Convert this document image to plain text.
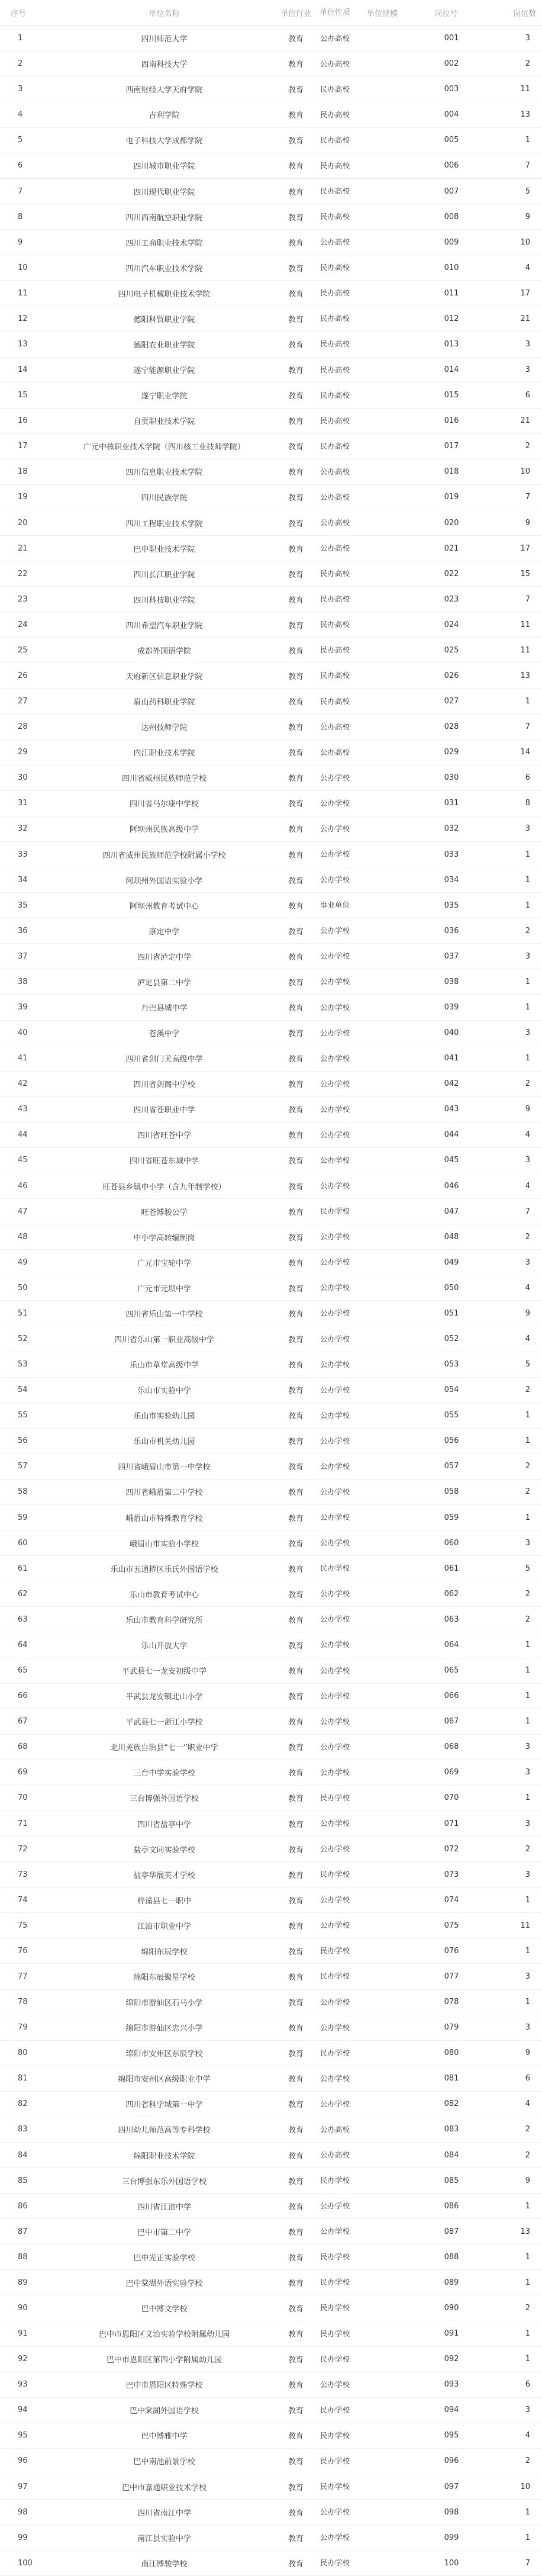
序号	单位名称	单位行业	单位性质	单位规模	岗位号	岗位数
1	四川师范大学	教育	公办高校		001	3
2	西南科技大学	教育	公办高校		002	2
3	西南财经大学天府学院	教育	民办高校		003	11
4	吉利学院	教育	民办高校		004	13
5	电子科技大学成都学院	教育	民办高校		005	1
6	四川城市职业学院	教育	民办高校		006	7
7	四川现代职业学院	教育	民办高校		007	5
8	四川西南航空职业学院	教育	民办高校		008	9
9	四川工商职业技术学院	教育	公办高校		009	10
10	四川汽车职业技术学院	教育	民办高校		010	4
11	四川电子机械职业技术学院	教育	民办高校		011	17
12	德阳科贸职业学院	教育	民办高校		012	21
13	德阳农业职业学院	教育	民办高校		013	3
14	遂宁能源职业学院	教育	民办高校		014	3
15	遂宁职业学院	教育	民办高校		015	6
16	自贡职业技术学院	教育	民办高校		016	21
17	广元中核职业技术学院（四川核工业技师学院）	教育	民办高校		017	2
18	四川信息职业技术学院	教育	公办高校		018	10
19	四川民族学院	教育	公办高校		019	7
20	四川工程职业技术学院	教育	公办高校		020	9
21	巴中职业技术学院	教育	公办高校		021	17
22	四川长江职业学院	教育	民办高校		022	15
23	四川科技职业学院	教育	民办高校		023	7
24	四川希望汽车职业学院	教育	民办高校		024	11
25	成都外国语学院	教育	民办高校		025	11
26	天府新区信息职业学院	教育	民办高校		026	13
27	眉山药科职业学院	教育	民办高校		027	1
28	达州技师学院	教育	公办高校		028	7
29	内江职业技术学院	教育	公办高校		029	14
30	四川省威州民族师范学校	教育	公办学校		030	6
31	四川省马尔康中学校	教育	公办学校		031	8
32	阿坝州民族高级中学	教育	公办学校		032	3
33	四川省威州民族师范学校附属小学校	教育	公办学校		033	1
34	阿坝州外国语实验小学	教育	公办学校		034	1
35	阿坝州教育考试中心	教育	事业单位		035	1
36	康定中学	教育	公办学校		036	2
37	四川省泸定中学	教育	公办学校		037	3
38	泸定县第二中学	教育	公办学校		038	1
39	丹巴县城中学	教育	公办学校		039	1
40	苍溪中学	教育	公办学校		040	3
41	四川省剑门关高级中学	教育	公办学校		041	1
42	四川省剑阁中学校	教育	公办学校		042	2
43	四川省苍职业中学	教育	公办学校		043	9
44	四川省旺苍中学	教育	公办学校		044	4
45	四川省旺苍东城中学	教育	公办学校		045	3
46	旺苍县乡镇中小学（含九年制学校）	教育	公办学校		046	4
47	旺苍博骏公学	教育	民办学校		047	7
48	中小学高转编制岗	教育	公办学校		048	2
49	广元市宝轮中学	教育	公办学校		049	3
50	广元市元坝中学	教育	公办学校		050	4
51	四川省乐山第一中学校	教育	公办学校		051	9
52	四川省乐山第一职业高级中学	教育	公办学校		052	4
53	乐山市草堂高级中学	教育	公办学校		053	5
54	乐山市实验中学	教育	公办学校		054	2
55	乐山市实验幼儿园	教育	公办学校		055	1
56	乐山市机关幼儿园	教育	公办学校		056	1
57	四川省峨眉山市第一中学校	教育	公办学校		057	2
58	四川省峨眉第二中学校	教育	公办学校		058	2
59	峨眉山市特殊教育学校	教育	公办学校		059	1
60	峨眉山市实验小学校	教育	公办学校		060	3
61	乐山市五通桥区乐氏外国语学校	教育	民办学校		061	5
62	乐山市教育考试中心	教育	公办学校		062	2
63	乐山市教育科学研究所	教育	公办学校		063	2
64	乐山开放大学	教育	公办学校		064	1
65	平武县七一龙安初级中学	教育	公办学校		065	1
66	平武县龙安镇北山小学	教育	公办学校		066	1
67	平武县七一浙江小学校	教育	公办学校		067	1
68	北川羌族自治县“七一”职业中学	教育	公办学校		068	3
69	三台中学实验学校	教育	公办学校		069	3
70	三台博强外国语学校	教育	民办学校		070	1
71	四川省盐亭中学	教育	公办学校		071	3
72	盐亭文同实验学校	教育	公办学校		072	2
73	盐亭华展英才学校	教育	民办学校		073	3
74	梓潼县七一职中	教育	公办学校		074	1
75	江油市职业中学	教育	公办学校		075	11
76	绵阳东辰学校	教育	民办学校		076	1
77	绵阳东辰聚星学校	教育	民办学校		077	3
78	绵阳市游仙区石马小学	教育	公办学校		078	1
79	绵阳市游仙区忠兴小学	教育	公办学校		079	3
80	绵阳市安州区东辰学校	教育	民办学校		080	9
81	绵阳市安州区高级职业中学	教育	公办学校		081	6
82	四川省科学城第一中学	教育	公办学校		082	4
83	四川幼儿师范高等专科学校	教育	公办高校		083	2
84	绵阳职业技术学院	教育	公办高校		084	2
85	三台博强东乐外国语学校	教育	民办学校		085	9
86	四川省江油中学	教育	公办学校		086	1
87	巴中市第二中学	教育	公办学校		087	13
88	巴中光正实验学校	教育	民办学校		088	1
89	巴中棠湖外语实验学校	教育	民办学校		089	1
90	巴中博文学校	教育	民办学校		090	2
91	巴中市恩阳区文治实验学校附属幼儿园	教育	民办学校		091	1
92	巴中市恩阳区第四小学附属幼儿园	教育	民办学校		092	1
93	巴中市恩阳区特殊学校	教育	公办学校		093	6
94	巴中棠湖外国语学校	教育	民办学校		094	3
95	巴中博雅中学	教育	民办学校		095	4
96	巴中南池前景学校	教育	民办学校		096	2
97	巴中市嘉通职业技术学校	教育	民办学校		097	10
98	四川省南江中学	教育	公办学校		098	1
99	南江县实验中学	教育	公办学校		099	1
100	南江博骏学校	教育	民办学校		100	7
